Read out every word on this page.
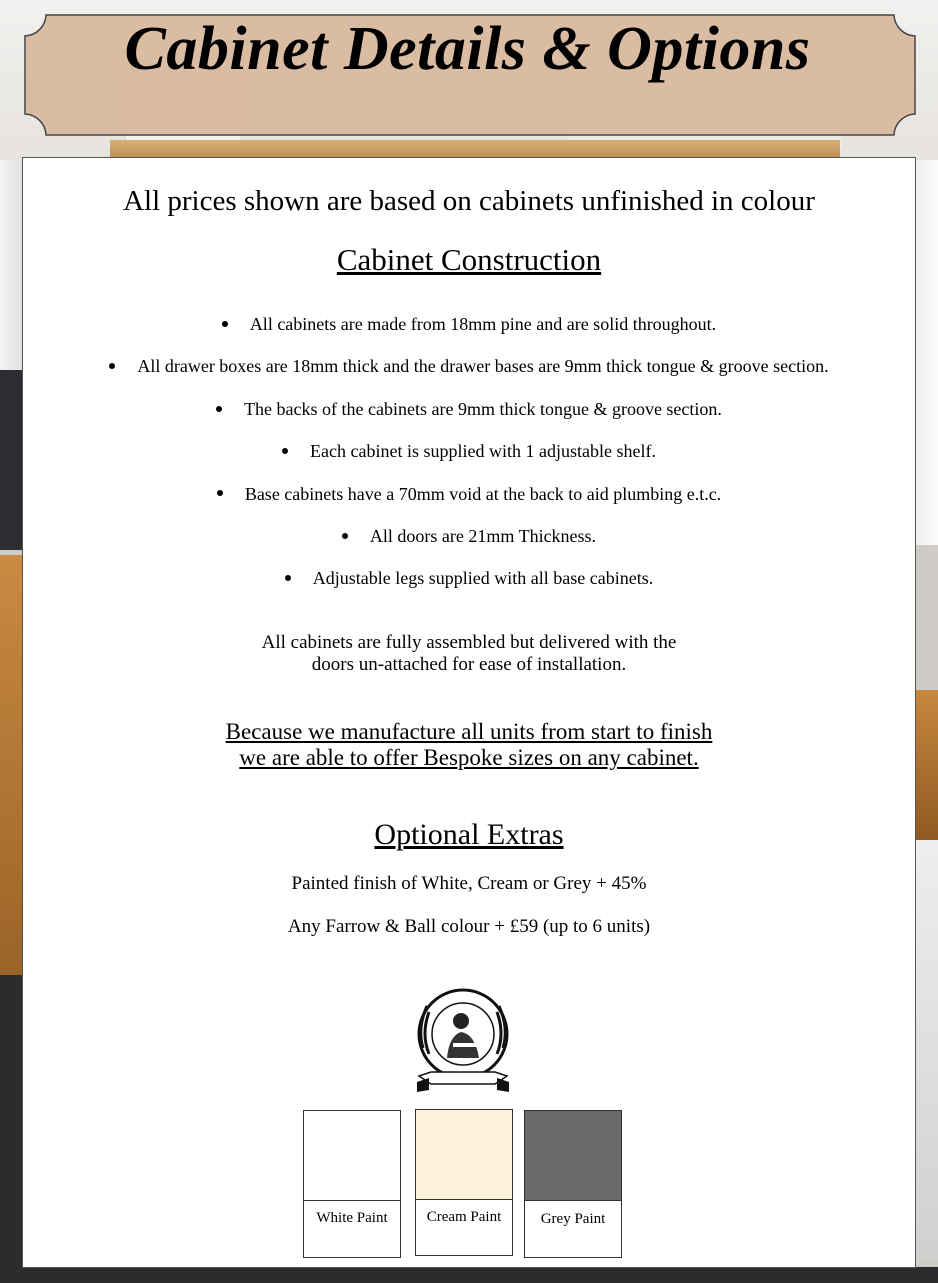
Cabinet Details & Options
All prices shown are based on cabinets unfinished in colour
Cabinet Construction
All cabinets are made from 18mm pine and are solid throughout.
All drawer boxes are 18mm thick and the drawer bases are 9mm thick tongue & groove section.
The backs of the cabinets are 9mm thick tongue & groove section.
Each cabinet is supplied with 1 adjustable shelf.
Base cabinets have a 70mm void at the back to aid plumbing e.t.c.
All doors are 21mm Thickness.
Adjustable legs supplied with all base cabinets.
All cabinets are fully assembled but delivered with the
doors un-attached for ease of installation.
Because we manufacture all units from start to finish
we are able to offer Bespoke sizes on any cabinet.
Optional Extras
Painted finish of White, Cream or Grey + 45%
Any Farrow & Ball colour + £59 (up to 6 units)
White Paint	Cream Paint	Grey Paint
